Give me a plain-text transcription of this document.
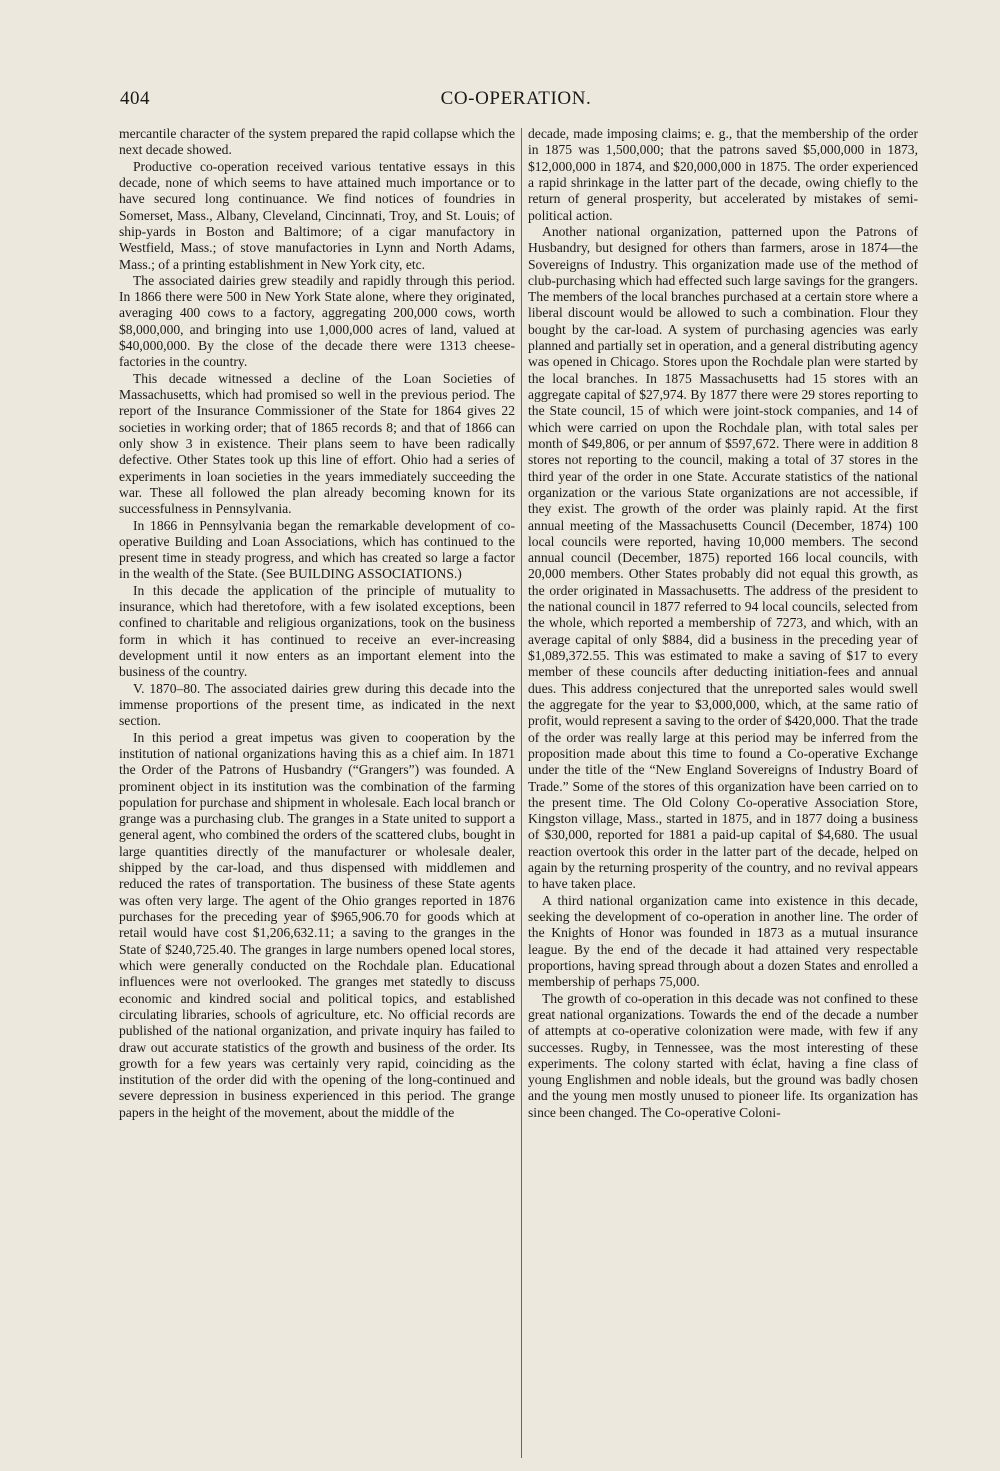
404	CO-OPERATION.

mercantile character of the system prepared the rapid collapse which the next decade showed.

Productive co-operation received various tentative essays in this decade, none of which seems to have attained much importance or to have secured long continuance. We find notices of foundries in Somerset, Mass., Albany, Cleveland, Cincinnati, Troy, and St. Louis; of ship-yards in Boston and Baltimore; of a cigar manufactory in Westfield, Mass.; of stove manufactories in Lynn and North Adams, Mass.; of a printing establishment in New York city, etc.

The associated dairies grew steadily and rapidly through this period. In 1866 there were 500 in New York State alone, where they originated, averaging 400 cows to a factory, aggregating 200,000 cows, worth $8,000,000, and bringing into use 1,000,000 acres of land, valued at $40,000,000. By the close of the decade there were 1313 cheese-factories in the country.

This decade witnessed a decline of the Loan Societies of Massachusetts, which had promised so well in the previous period. The report of the Insurance Commissioner of the State for 1864 gives 22 societies in working order; that of 1865 records 8; and that of 1866 can only show 3 in existence. Their plans seem to have been radically defective. Other States took up this line of effort. Ohio had a series of experiments in loan societies in the years immediately succeeding the war. These all followed the plan already becoming known for its successfulness in Pennsylvania.

In 1866 in Pennsylvania began the remarkable development of co-operative Building and Loan Associations, which has continued to the present time in steady progress, and which has created so large a factor in the wealth of the State. (See BUILDING ASSOCIATIONS.)

In this decade the application of the principle of mutuality to insurance, which had theretofore, with a few isolated exceptions, been confined to charitable and religious organizations, took on the business form in which it has continued to receive an ever-increasing development until it now enters as an important element into the business of the country.

V. 1870–80. The associated dairies grew during this decade into the immense proportions of the present time, as indicated in the next section.

In this period a great impetus was given to cooperation by the institution of national organizations having this as a chief aim. In 1871 the Order of the Patrons of Husbandry (“Grangers”) was founded. A prominent object in its institution was the combination of the farming population for purchase and shipment in wholesale. Each local branch or grange was a purchasing club. The granges in a State united to support a general agent, who combined the orders of the scattered clubs, bought in large quantities directly of the manufacturer or wholesale dealer, shipped by the car-load, and thus dispensed with middlemen and reduced the rates of transportation. The business of these State agents was often very large. The agent of the Ohio granges reported in 1876 purchases for the preceding year of $965,906.70 for goods which at retail would have cost $1,206,632.11; a saving to the granges in the State of $240,725.40. The granges in large numbers opened local stores, which were generally conducted on the Rochdale plan. Educational influences were not overlooked. The granges met statedly to discuss economic and kindred social and political topics, and established circulating libraries, schools of agriculture, etc. No official records are published of the national organization, and private inquiry has failed to draw out accurate statistics of the growth and business of the order. Its growth for a few years was certainly very rapid, coinciding as the institution of the order did with the opening of the long-continued and severe depression in business experienced in this period. The grange papers in the height of the movement, about the middle of the

decade, made imposing claims; e. g., that the membership of the order in 1875 was 1,500,000; that the patrons saved $5,000,000 in 1873, $12,000,000 in 1874, and $20,000,000 in 1875. The order experienced a rapid shrinkage in the latter part of the decade, owing chiefly to the return of general prosperity, but accelerated by mistakes of semi-political action.

Another national organization, patterned upon the Patrons of Husbandry, but designed for others than farmers, arose in 1874—the Sovereigns of Industry. This organization made use of the method of club-purchasing which had effected such large savings for the grangers. The members of the local branches purchased at a certain store where a liberal discount would be allowed to such a combination. Flour they bought by the car-load. A system of purchasing agencies was early planned and partially set in operation, and a general distributing agency was opened in Chicago. Stores upon the Rochdale plan were started by the local branches. In 1875 Massachusetts had 15 stores with an aggregate capital of $27,974. By 1877 there were 29 stores reporting to the State council, 15 of which were joint-stock companies, and 14 of which were carried on upon the Rochdale plan, with total sales per month of $49,806, or per annum of $597,672. There were in addition 8 stores not reporting to the council, making a total of 37 stores in the third year of the order in one State. Accurate statistics of the national organization or the various State organizations are not accessible, if they exist. The growth of the order was plainly rapid. At the first annual meeting of the Massachusetts Council (December, 1874) 100 local councils were reported, having 10,000 members. The second annual council (December, 1875) reported 166 local councils, with 20,000 members. Other States probably did not equal this growth, as the order originated in Massachusetts. The address of the president to the national council in 1877 referred to 94 local councils, selected from the whole, which reported a membership of 7273, and which, with an average capital of only $884, did a business in the preceding year of $1,089,372.55. This was estimated to make a saving of $17 to every member of these councils after deducting initiation-fees and annual dues. This address conjectured that the unreported sales would swell the aggregate for the year to $3,000,000, which, at the same ratio of profit, would represent a saving to the order of $420,000. That the trade of the order was really large at this period may be inferred from the proposition made about this time to found a Co-operative Exchange under the title of the “New England Sovereigns of Industry Board of Trade.” Some of the stores of this organization have been carried on to the present time. The Old Colony Co-operative Association Store, Kingston village, Mass., started in 1875, and in 1877 doing a business of $30,000, reported for 1881 a paid-up capital of $4,680. The usual reaction overtook this order in the latter part of the decade, helped on again by the returning prosperity of the country, and no revival appears to have taken place.

A third national organization came into existence in this decade, seeking the development of co-operation in another line. The order of the Knights of Honor was founded in 1873 as a mutual insurance league. By the end of the decade it had attained very respectable proportions, having spread through about a dozen States and enrolled a membership of perhaps 75,000.

The growth of co-operation in this decade was not confined to these great national organizations. Towards the end of the decade a number of attempts at co-operative colonization were made, with few if any successes. Rugby, in Tennessee, was the most interesting of these experiments. The colony started with éclat, having a fine class of young Englishmen and noble ideals, but the ground was badly chosen and the young men mostly unused to pioneer life. Its organization has since been changed. The Co-operative Coloni-
